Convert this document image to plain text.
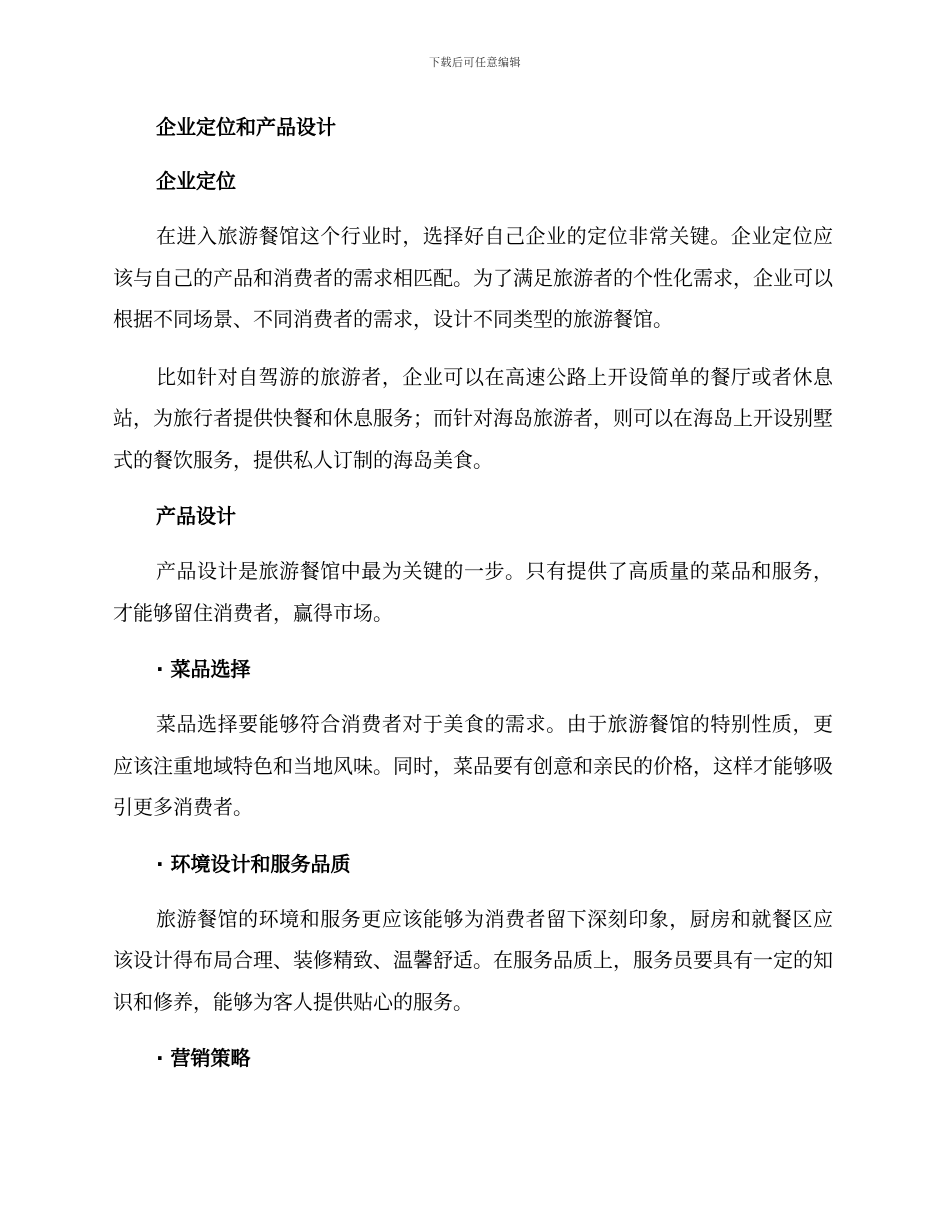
下载后可任意编辑
企业定位和产品设计
企业定位

在进入旅游餐馆这个行业时，选择好自己企业的定位非常关键。企业定位应该与自己的产品和消费者的需求相匹配。为了满足旅游者的个性化需求，企业可以根据不同场景、不同消费者的需求，设计不同类型的旅游餐馆。

比如针对自驾游的旅游者，企业可以在高速公路上开设简单的餐厅或者休息站，为旅行者提供快餐和休息服务；而针对海岛旅游者，则可以在海岛上开设别墅式的餐饮服务，提供私人订制的海岛美食。

产品设计

产品设计是旅游餐馆中最为关键的一步。只有提供了高质量的菜品和服务，才能够留住消费者，赢得市场。

· 菜品选择

菜品选择要能够符合消费者对于美食的需求。由于旅游餐馆的特别性质，更应该注重地域特色和当地风味。同时，菜品要有创意和亲民的价格，这样才能够吸引更多消费者。

· 环境设计和服务品质

旅游餐馆的环境和服务更应该能够为消费者留下深刻印象，厨房和就餐区应该设计得布局合理、装修精致、温馨舒适。在服务品质上，服务员要具有一定的知识和修养，能够为客人提供贴心的服务。

· 营销策略
